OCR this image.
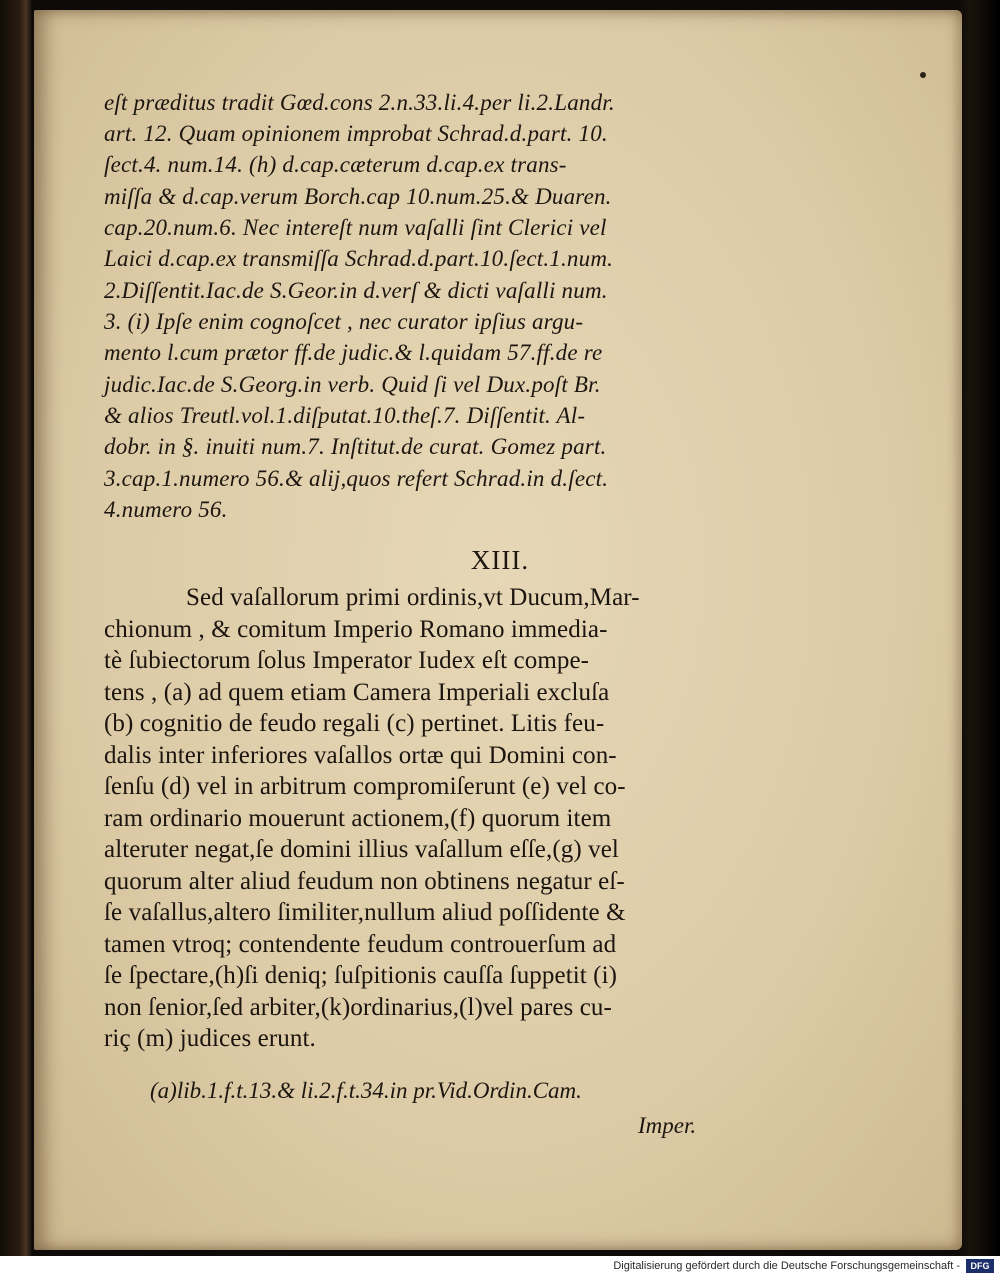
eſt præditus tradit Gœd.cons 2.n.33.li.4.per li.2.Landr.
art. 12. Quam opinionem improbat Schrad.d.part. 10.
ſect.4. num.14. (h) d.cap.cæterum d.cap.ex trans-
miſſa & d.cap.verum Borch.cap 10.num.25.& Duaren.
cap.20.num.6. Nec intereſt num vaſalli ſint Clerici vel
Laici d.cap.ex transmiſſa Schrad.d.part.10.ſect.1.num.
2.Diſſentit.Iac.de S.Geor.in d.verſ & dicti vaſalli num.
3. (i) Ipſe enim cognoſcet , nec curator ipſius argu-
mento l.cum prætor ff.de judic.& l.quidam 57.ff.de re
judic.Iac.de S.Georg.in verb. Quid ſi vel Dux.poſt Br.
& alios Treutl.vol.1.diſputat.10.theſ.7. Diſſentit. Al-
dobr. in §. inuiti num.7. Inſtitut.de curat. Gomez part.
3.cap.1.numero 56.& alij,quos refert Schrad.in d.ſect.
4.numero 56.
XIII.
Sed vaſallorum primi ordinis,vt Ducum,Mar-
chionum , & comitum Imperio Romano immedia-
tè ſubiectorum ſolus Imperator Iudex eſt compe-
tens , (a) ad quem etiam Camera Imperiali excluſa
(b) cognitio de feudo regali (c) pertinet. Litis feu-
dalis inter inferiores vaſallos ortæ qui Domini con-
ſenſu (d) vel in arbitrum compromiſerunt (e) vel co-
ram ordinario mouerunt actionem,(f) quorum item
alteruter negat,ſe domini illius vaſallum eſſe,(g) vel
quorum alter aliud feudum non obtinens negatur eſ-
ſe vaſallus,altero ſimiliter,nullum aliud poſſidente &
tamen vtroq; contendente feudum controuerſum ad
ſe ſpectare,(h)ſi deniq; ſuſpitionis cauſſa ſuppetit (i)
non ſenior,ſed arbiter,(k)ordinarius,(l)vel pares cu-
riç (m) judices erunt.
(a)lib.1.f.t.13.& li.2.f.t.34.in pr.Vid.Ordin.Cam.
Imper.
Digitalisierung gefördert durch die Deutsche Forschungsgemeinschaft -	DFG
